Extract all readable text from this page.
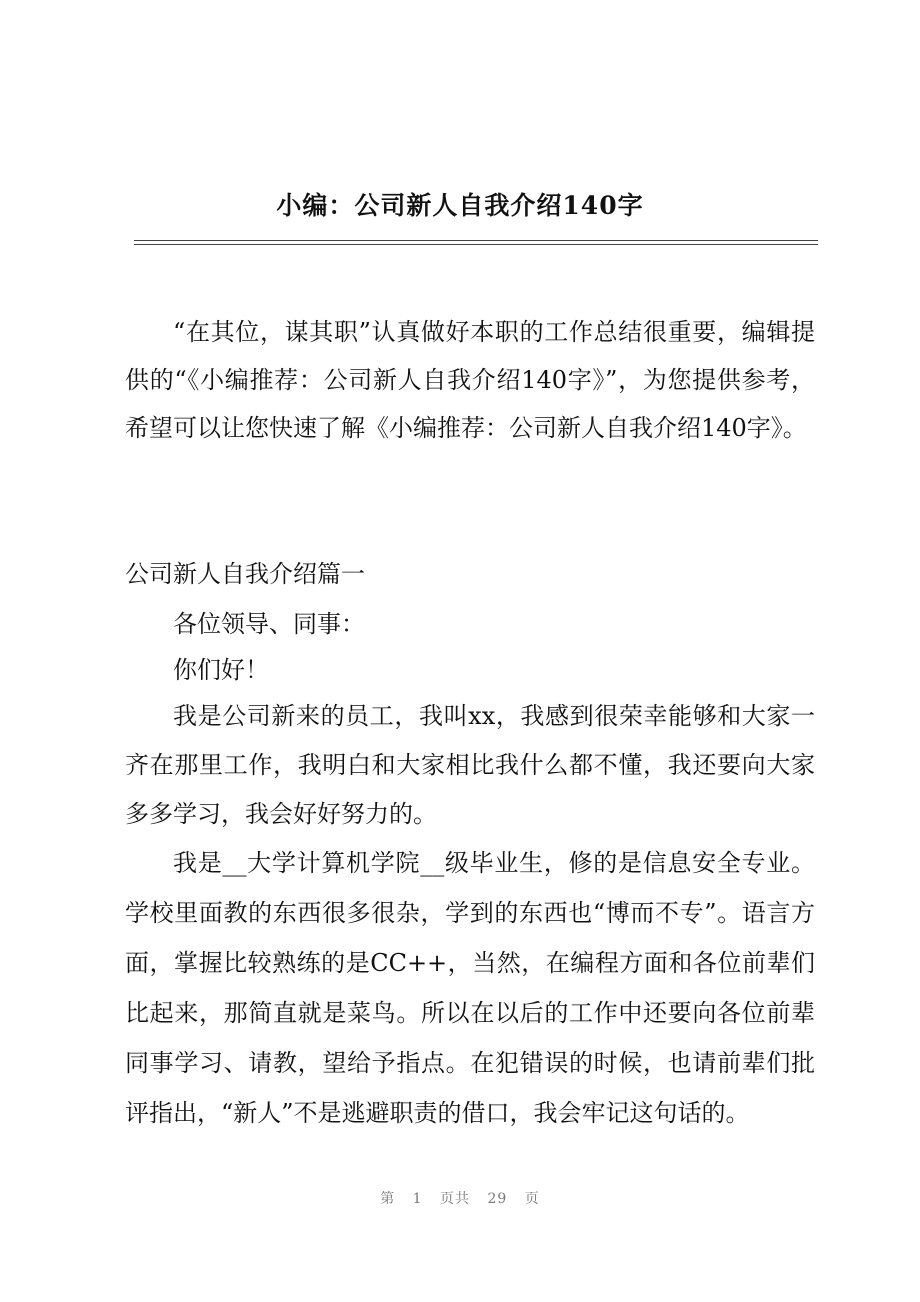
小编：公司新人自我介绍140字

“在其位，谋其职”认真做好本职的工作总结很重要，编辑提供的“《小编推荐：公司新人自我介绍140字》”，为您提供参考，希望可以让您快速了解《小编推荐：公司新人自我介绍140字》。

公司新人自我介绍篇一

各位领导、同事：

你们好！

我是公司新来的员工，我叫xx，我感到很荣幸能够和大家一齐在那里工作，我明白和大家相比我什么都不懂，我还要向大家多多学习，我会好好努力的。

我是__大学计算机学院__级毕业生，修的是信息安全专业。学校里面教的东西很多很杂，学到的东西也“博而不专”。语言方面，掌握比较熟练的是CC++，当然，在编程方面和各位前辈们比起来，那简直就是菜鸟。所以在以后的工作中还要向各位前辈同事学习、请教，望给予指点。在犯错误的时候，也请前辈们批评指出，“新人”不是逃避职责的借口，我会牢记这句话的。

第 1 页共 29 页
